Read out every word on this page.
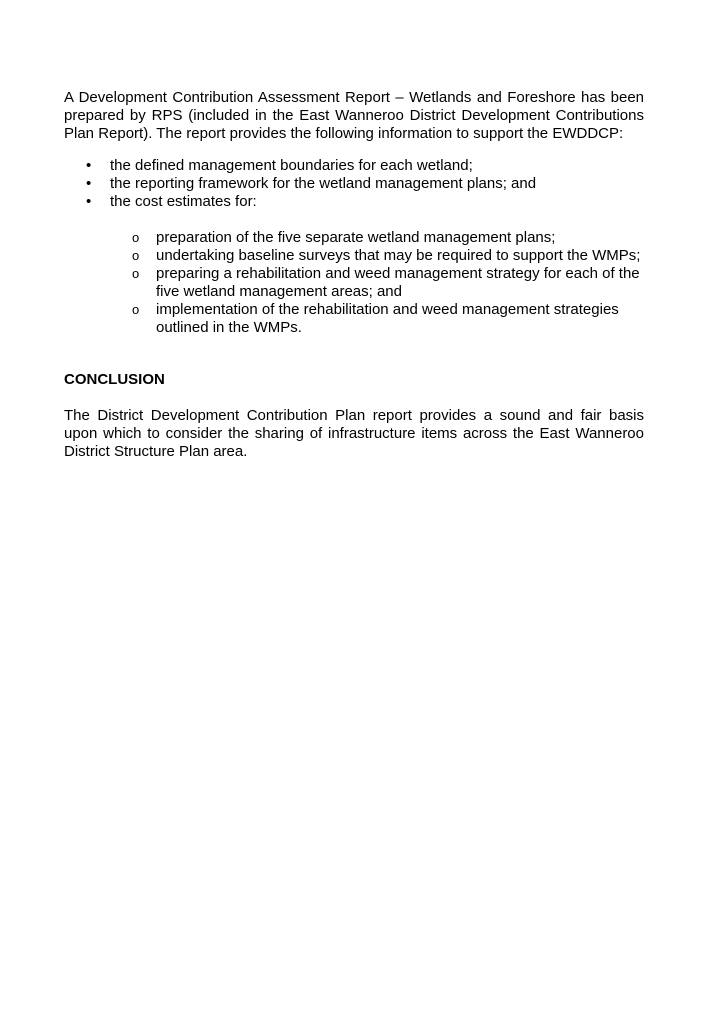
A Development Contribution Assessment Report – Wetlands and Foreshore has been prepared by RPS (included in the East Wanneroo District Development Contributions Plan Report). The report provides the following information to support the EWDDCP:

• the defined management boundaries for each wetland;
• the reporting framework for the wetland management plans; and
• the cost estimates for:
o preparation of the five separate wetland management plans;
o undertaking baseline surveys that may be required to support the WMPs;
o preparing a rehabilitation and weed management strategy for each of the five wetland management areas; and
o implementation of the rehabilitation and weed management strategies outlined in the WMPs.

CONCLUSION

The District Development Contribution Plan report provides a sound and fair basis upon which to consider the sharing of infrastructure items across the East Wanneroo District Structure Plan area.
